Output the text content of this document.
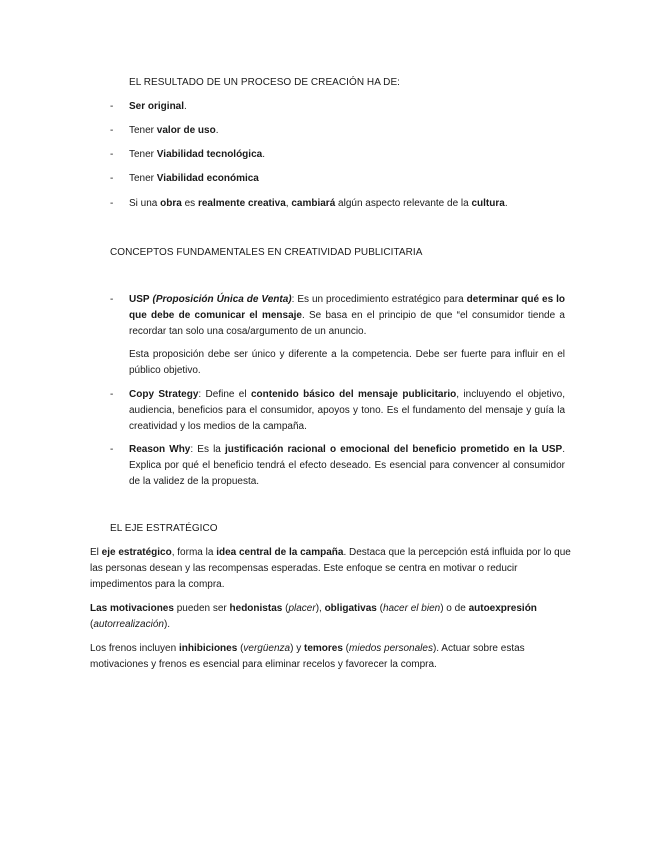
EL RESULTADO DE UN PROCESO DE CREACIÓN HA DE:
- Ser original.
- Tener valor de uso.
- Tener Viabilidad tecnológica.
- Tener Viabilidad económica
- Si una obra es realmente creativa, cambiará algún aspecto relevante de la cultura.
CONCEPTOS FUNDAMENTALES EN CREATIVIDAD PUBLICITARIA
- USP (Proposición Única de Venta): Es un procedimiento estratégico para determinar qué es lo que debe de comunicar el mensaje. Se basa en el principio de que “el consumidor tiende a recordar tan solo una cosa/argumento de un anuncio.
Esta proposición debe ser único y diferente a la competencia. Debe ser fuerte para influir en el público objetivo.
- Copy Strategy: Define el contenido básico del mensaje publicitario, incluyendo el objetivo, audiencia, beneficios para el consumidor, apoyos y tono. Es el fundamento del mensaje y guía la creatividad y los medios de la campaña.
- Reason Why: Es la justificación racional o emocional del beneficio prometido en la USP. Explica por qué el beneficio tendrá el efecto deseado. Es esencial para convencer al consumidor de la validez de la propuesta.
EL EJE ESTRATÉGICO
El eje estratégico, forma la idea central de la campaña. Destaca que la percepción está influida por lo que las personas desean y las recompensas esperadas. Este enfoque se centra en motivar o reducir impedimentos para la compra.
Las motivaciones pueden ser hedonistas (placer), obligativas (hacer el bien) o de autoexpresión (autorrealización).
Los frenos incluyen inhibiciones (vergüenza) y temores (miedos personales). Actuar sobre estas motivaciones y frenos es esencial para eliminar recelos y favorecer la compra.
